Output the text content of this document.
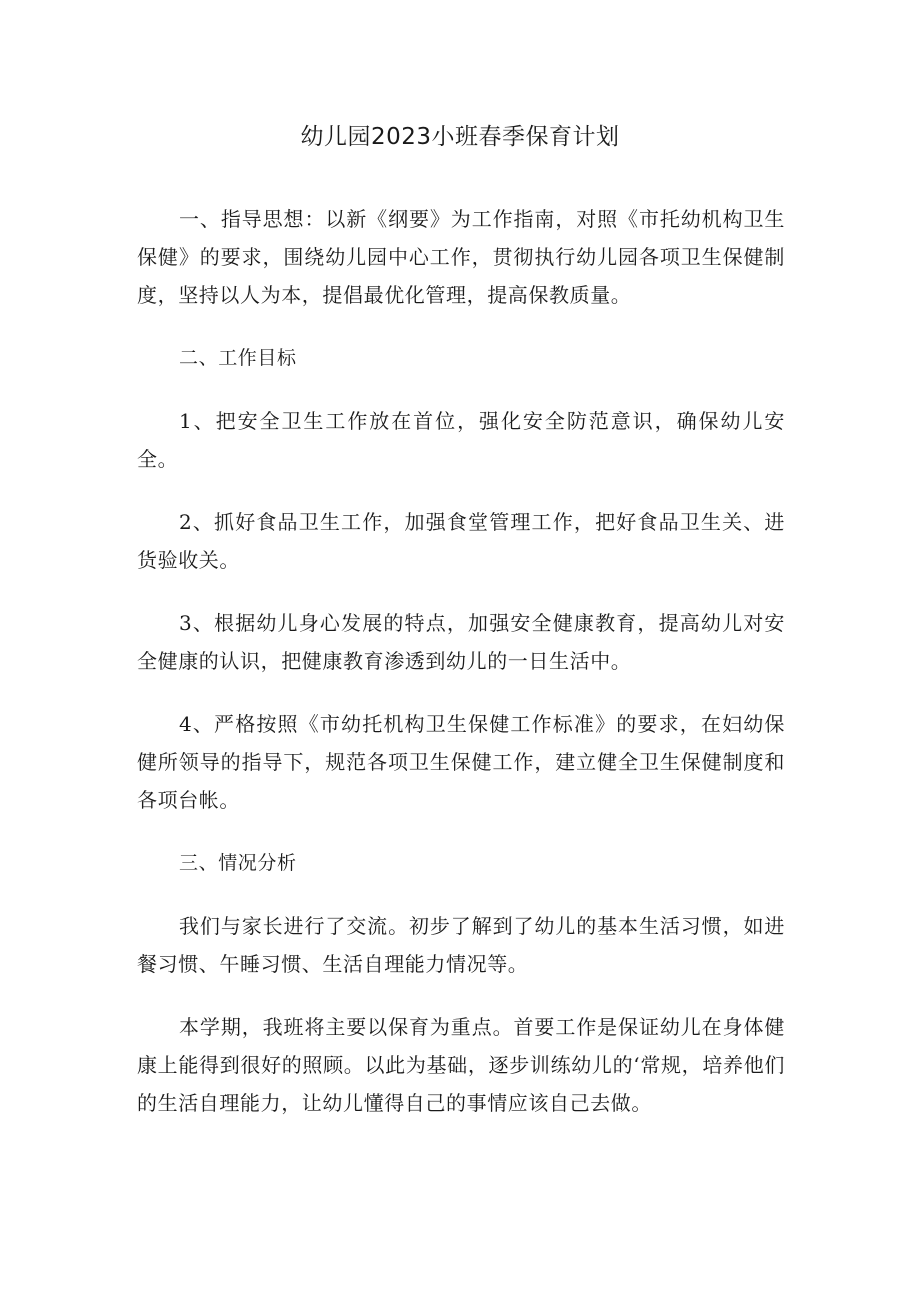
幼儿园2023小班春季保育计划

一、指导思想：以新《纲要》为工作指南，对照《市托幼机构卫生保健》的要求，围绕幼儿园中心工作，贯彻执行幼儿园各项卫生保健制度，坚持以人为本，提倡最优化管理，提高保教质量。

二、工作目标

1、把安全卫生工作放在首位，强化安全防范意识，确保幼儿安全。

2、抓好食品卫生工作，加强食堂管理工作，把好食品卫生关、进货验收关。

3、根据幼儿身心发展的特点，加强安全健康教育，提高幼儿对安全健康的认识，把健康教育渗透到幼儿的一日生活中。

4、严格按照《市幼托机构卫生保健工作标准》的要求，在妇幼保健所领导的指导下，规范各项卫生保健工作，建立健全卫生保健制度和各项台帐。

三、情况分析

我们与家长进行了交流。初步了解到了幼儿的基本生活习惯，如进餐习惯、午睡习惯、生活自理能力情况等。

本学期，我班将主要以保育为重点。首要工作是保证幼儿在身体健康上能得到很好的照顾。以此为基础，逐步训练幼儿的‘常规，培养他们的生活自理能力，让幼儿懂得自己的事情应该自己去做。
